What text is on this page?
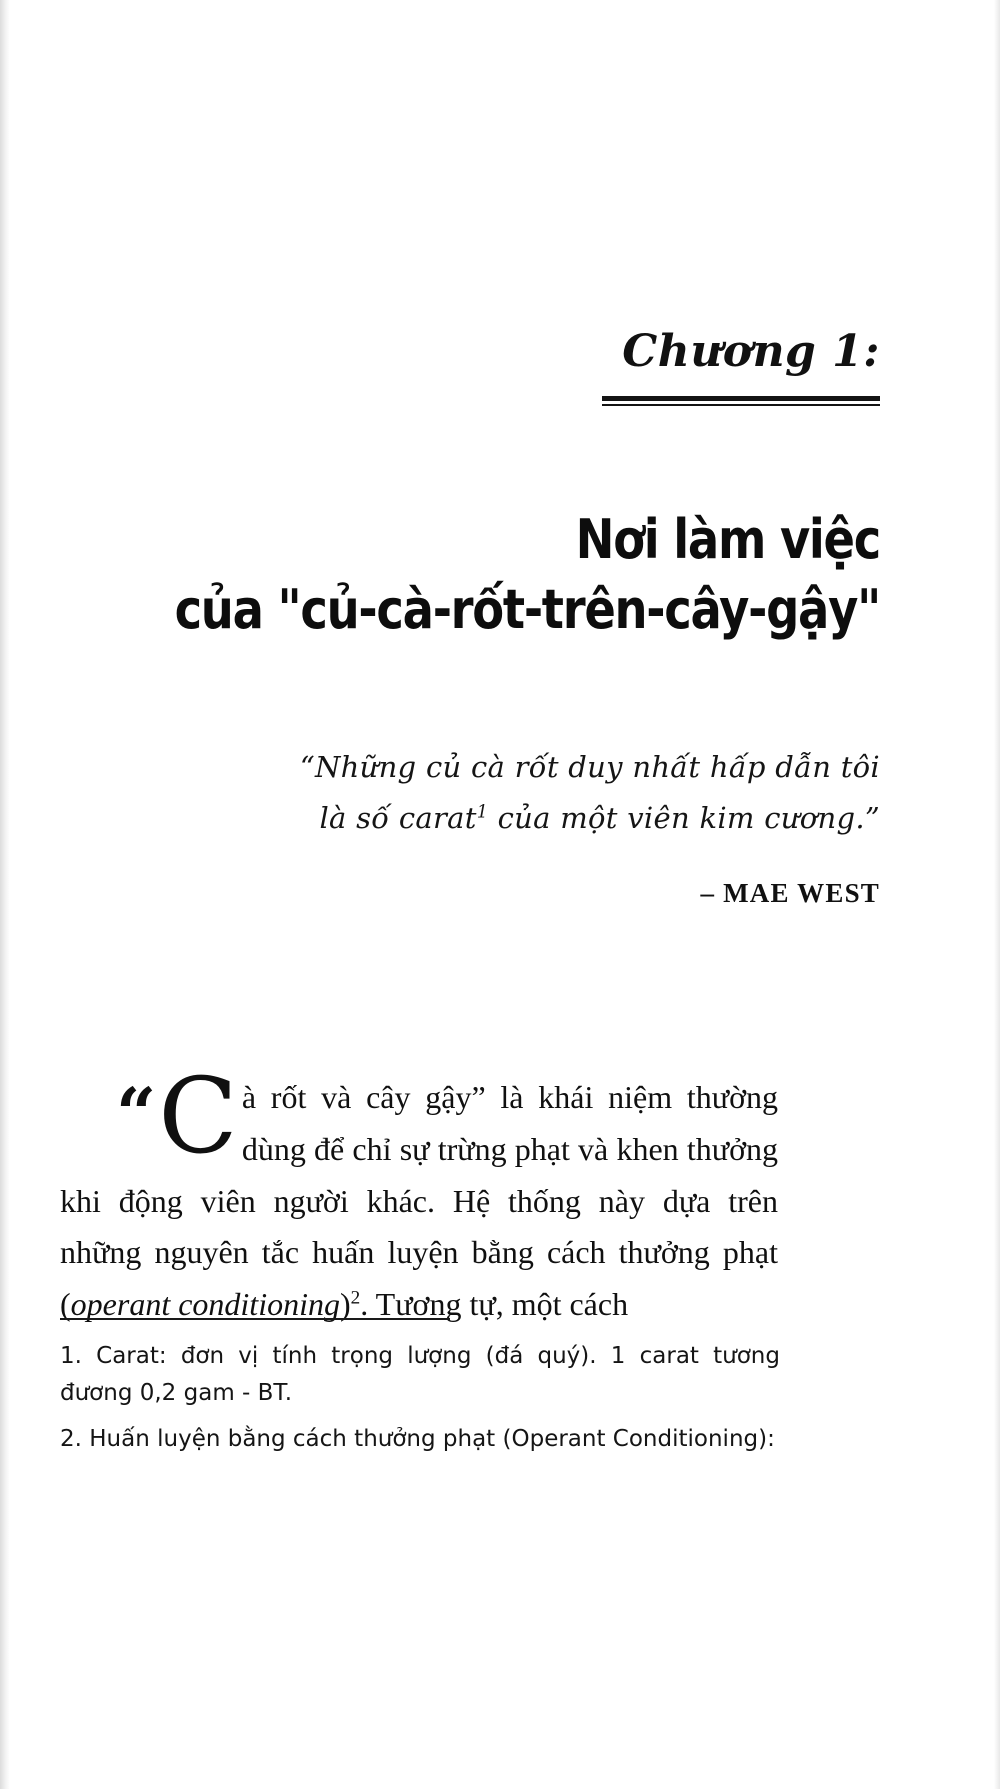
Chương 1:
Nơi làm việc
của "củ-cà-rốt-trên-cây-gậy"
“Những củ cà rốt duy nhất hấp dẫn tôi
là số carat$^1$ của một viên kim cương.”
– MAE WEST

“ C à rốt và cây gậy” là khái niệm thường dùng để chỉ sự trừng phạt và khen thưởng khi động viên người khác. Hệ thống này dựa trên những nguyên tắc huấn luyện bằng cách thưởng phạt (operant conditioning)$^2$. Tương tự, một cách

1. Carat: đơn vị tính trọng lượng (đá quý). 1 carat tương đương 0,2 gam - BT.
2. Huấn luyện bằng cách thưởng phạt (Operant Conditioning):
